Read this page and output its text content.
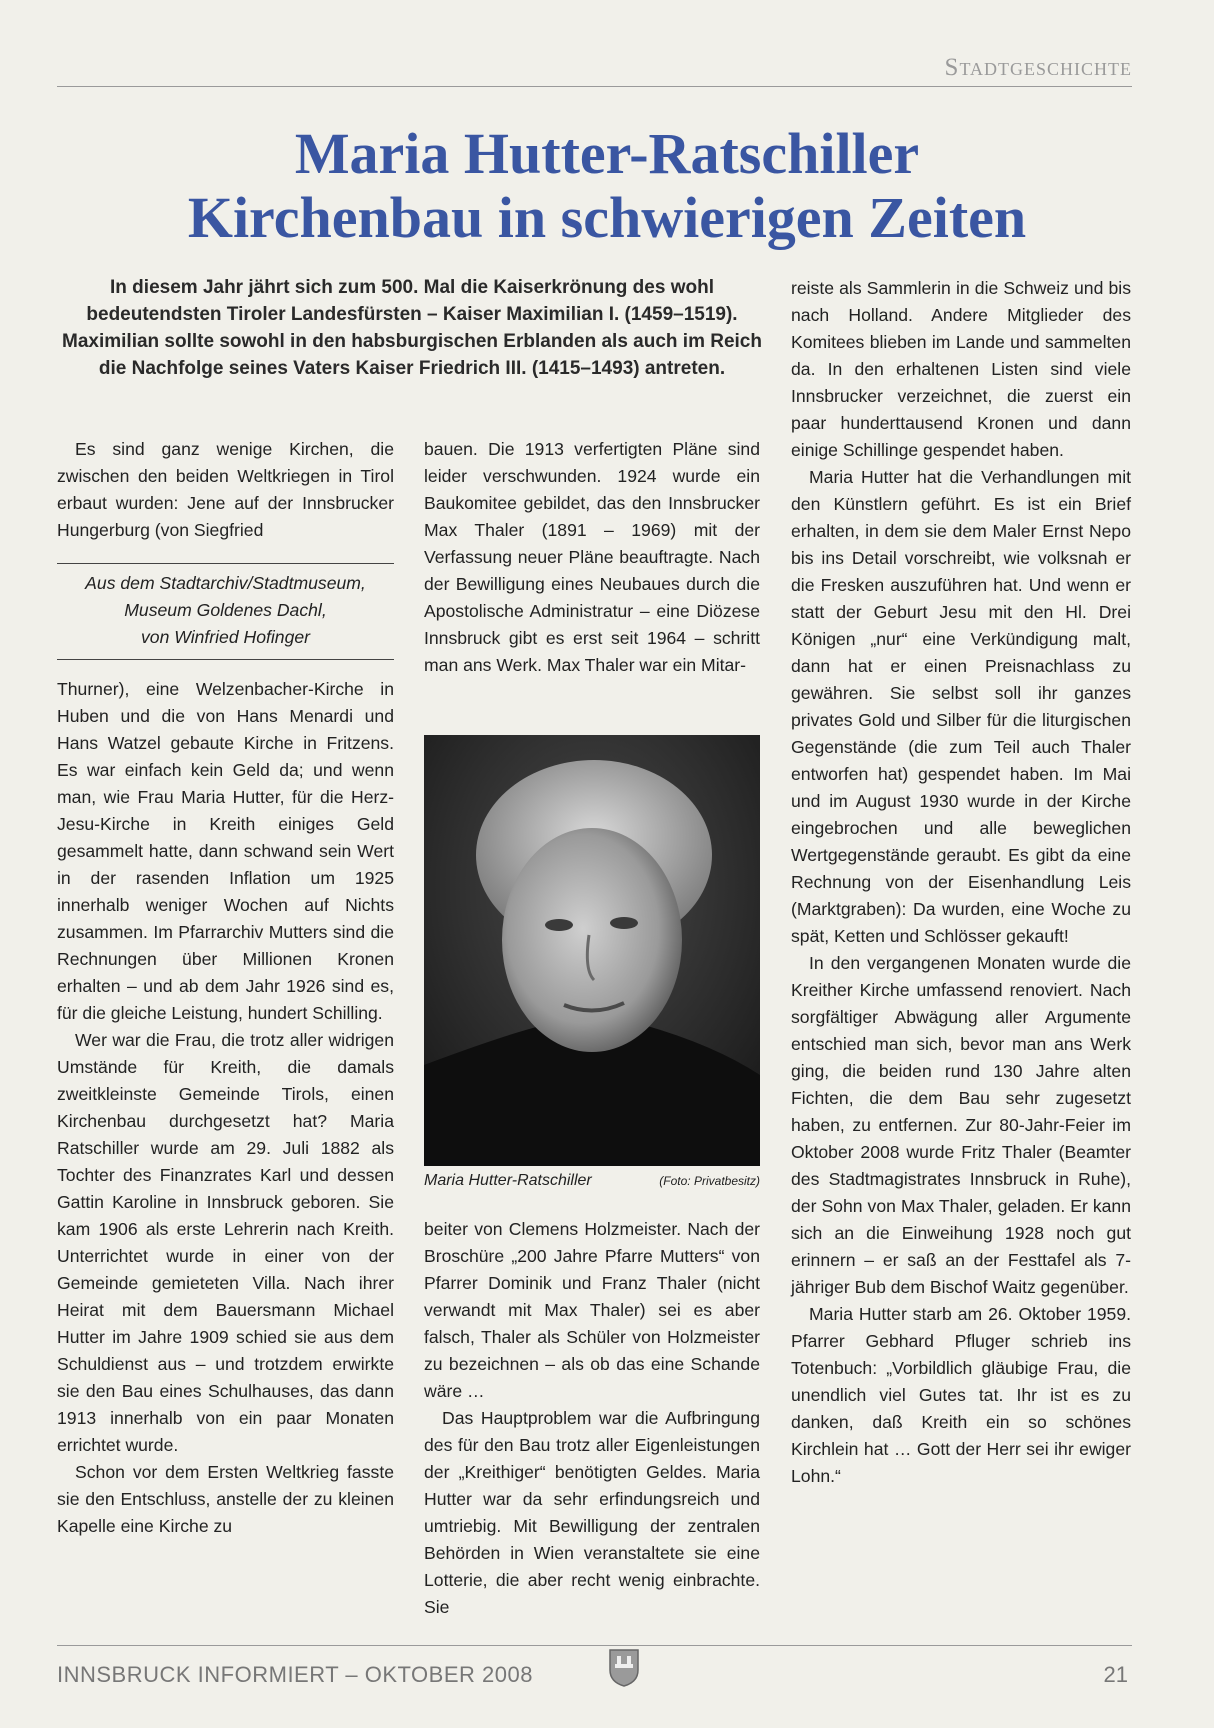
Stadtgeschichte
Maria Hutter-Ratschiller
Kirchenbau in schwierigen Zeiten
In diesem Jahr jährt sich zum 500. Mal die Kaiserkrönung des wohl bedeutendsten Tiroler Landesfürsten – Kaiser Maximilian I. (1459–1519). Maximilian sollte sowohl in den habsburgischen Erblanden als auch im Reich die Nachfolge seines Vaters Kaiser Friedrich III. (1415–1493) antreten.

Es sind ganz wenige Kirchen, die zwischen den beiden Weltkriegen in Tirol erbaut wurden: Jene auf der Innsbrucker Hungerburg (von Siegfried

Aus dem Stadtarchiv/Stadtmuseum,
Museum Goldenes Dachl,
von Winfried Hofinger

Thurner), eine Welzenbacher-Kirche in Huben und die von Hans Menardi und Hans Watzel gebaute Kirche in Fritzens. Es war einfach kein Geld da; und wenn man, wie Frau Maria Hutter, für die Herz-Jesu-Kirche in Kreith einiges Geld gesammelt hatte, dann schwand sein Wert in der rasenden Inflation um 1925 innerhalb weniger Wochen auf Nichts zusammen. Im Pfarrarchiv Mutters sind die Rechnungen über Millionen Kronen erhalten – und ab dem Jahr 1926 sind es, für die gleiche Leistung, hundert Schilling.

Wer war die Frau, die trotz aller widrigen Umstände für Kreith, die damals zweitkleinste Gemeinde Tirols, einen Kirchenbau durchgesetzt hat? Maria Ratschiller wurde am 29. Juli 1882 als Tochter des Finanzrates Karl und dessen Gattin Karoline in Innsbruck geboren. Sie kam 1906 als erste Lehrerin nach Kreith. Unterrichtet wurde in einer von der Gemeinde gemieteten Villa. Nach ihrer Heirat mit dem Bauersmann Michael Hutter im Jahre 1909 schied sie aus dem Schuldienst aus – und trotzdem erwirkte sie den Bau eines Schulhauses, das dann 1913 innerhalb von ein paar Monaten errichtet wurde.

Schon vor dem Ersten Weltkrieg fasste sie den Entschluss, anstelle der zu kleinen Kapelle eine Kirche zu

bauen. Die 1913 verfertigten Pläne sind leider verschwunden. 1924 wurde ein Baukomitee gebildet, das den Innsbrucker Max Thaler (1891 – 1969) mit der Verfassung neuer Pläne beauftragte. Nach der Bewilligung eines Neubaues durch die Apostolische Administratur – eine Diözese Innsbruck gibt es erst seit 1964 – schritt man ans Werk. Max Thaler war ein Mitar-

Maria Hutter-Ratschiller	(Foto: Privatbesitz)

beiter von Clemens Holzmeister. Nach der Broschüre „200 Jahre Pfarre Mutters“ von Pfarrer Dominik und Franz Thaler (nicht verwandt mit Max Thaler) sei es aber falsch, Thaler als Schüler von Holzmeister zu bezeichnen – als ob das eine Schande wäre …

Das Hauptproblem war die Aufbringung des für den Bau trotz aller Eigenleistungen der „Kreithiger“ benötigten Geldes. Maria Hutter war da sehr erfindungsreich und umtriebig. Mit Bewilligung der zentralen Behörden in Wien veranstaltete sie eine Lotterie, die aber recht wenig einbrachte. Sie

reiste als Sammlerin in die Schweiz und bis nach Holland. Andere Mitglieder des Komitees blieben im Lande und sammelten da. In den erhaltenen Listen sind viele Innsbrucker verzeichnet, die zuerst ein paar hunderttausend Kronen und dann einige Schillinge gespendet haben.

Maria Hutter hat die Verhandlungen mit den Künstlern geführt. Es ist ein Brief erhalten, in dem sie dem Maler Ernst Nepo bis ins Detail vorschreibt, wie volksnah er die Fresken auszuführen hat. Und wenn er statt der Geburt Jesu mit den Hl. Drei Königen „nur“ eine Verkündigung malt, dann hat er einen Preisnachlass zu gewähren. Sie selbst soll ihr ganzes privates Gold und Silber für die liturgischen Gegenstände (die zum Teil auch Thaler entworfen hat) gespendet haben. Im Mai und im August 1930 wurde in der Kirche eingebrochen und alle beweglichen Wertgegenstände geraubt. Es gibt da eine Rechnung von der Eisenhandlung Leis (Marktgraben): Da wurden, eine Woche zu spät, Ketten und Schlösser gekauft!

In den vergangenen Monaten wurde die Kreither Kirche umfassend renoviert. Nach sorgfältiger Abwägung aller Argumente entschied man sich, bevor man ans Werk ging, die beiden rund 130 Jahre alten Fichten, die dem Bau sehr zugesetzt haben, zu entfernen. Zur 80-Jahr-Feier im Oktober 2008 wurde Fritz Thaler (Beamter des Stadtmagistrates Innsbruck in Ruhe), der Sohn von Max Thaler, geladen. Er kann sich an die Einweihung 1928 noch gut erinnern – er saß an der Festtafel als 7-jähriger Bub dem Bischof Waitz gegenüber.

Maria Hutter starb am 26. Oktober 1959. Pfarrer Gebhard Pfluger schrieb ins Totenbuch: „Vorbildlich gläubige Frau, die unendlich viel Gutes tat. Ihr ist es zu danken, daß Kreith ein so schönes Kirchlein hat … Gott der Herr sei ihr ewiger Lohn.“

INNSBRUCK INFORMIERT – OKTOBER 2008	21
